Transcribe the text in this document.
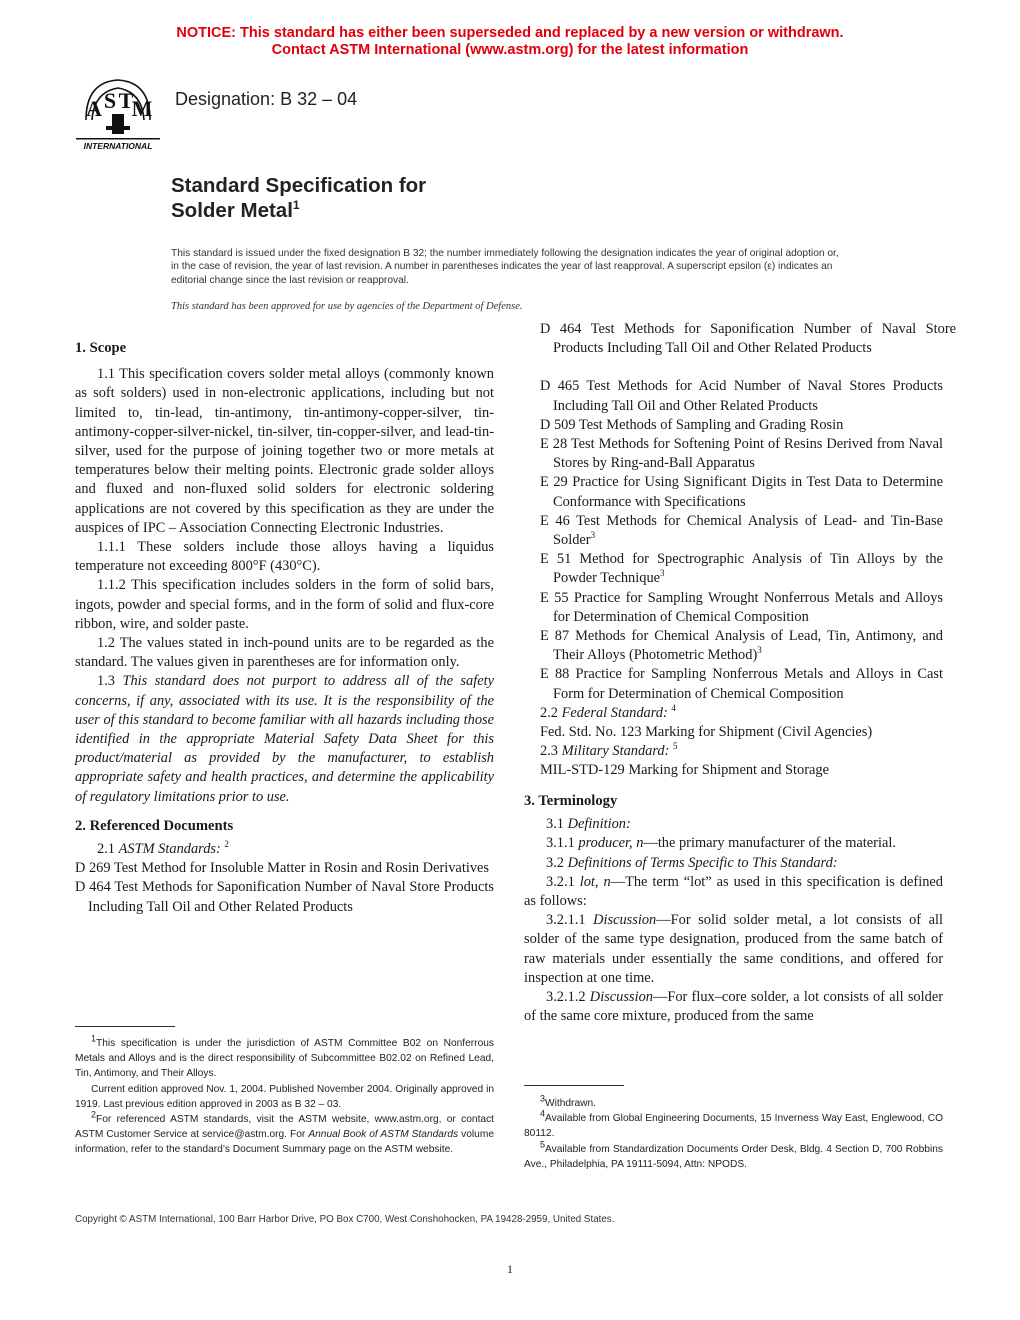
NOTICE: This standard has either been superseded and replaced by a new version or withdrawn.
Contact ASTM International (www.astm.org) for the latest information
A S T
M
INTERNATIONAL
Designation: B 32 – 04
Standard Specification for
Solder Metal$^1$
This standard is issued under the fixed designation B 32; the number immediately following the designation indicates the year of original adoption or, in the case of revision, the year of last revision. A number in parentheses indicates the year of last reapproval. A superscript epsilon (ε) indicates an editorial change since the last revision or reapproval.
This standard has been approved for use by agencies of the Department of Defense.

1. Scope

1.1 This specification covers solder metal alloys (commonly known as soft solders) used in non-electronic applications, including but not limited to, tin-lead, tin-antimony, tin-antimony-copper-silver, tin-antimony-copper-silver-nickel, tin-silver, tin-copper-silver, and lead-tin-silver, used for the purpose of joining together two or more metals at temperatures below their melting points. Electronic grade solder alloys and fluxed and non-fluxed solid solders for electronic soldering applications are not covered by this specification as they are under the auspices of IPC – Association Connecting Electronic Industries.

1.1.1 These solders include those alloys having a liquidus temperature not exceeding 800°F (430°C).

1.1.2 This specification includes solders in the form of solid bars, ingots, powder and special forms, and in the form of solid and flux-core ribbon, wire, and solder paste.

1.2 The values stated in inch-pound units are to be regarded as the standard. The values given in parentheses are for information only.

1.3 This standard does not purport to address all of the safety concerns, if any, associated with its use. It is the responsibility of the user of this standard to become familiar with all hazards including those identified in the appropriate Material Safety Data Sheet for this product/material as provided by the manufacturer, to establish appropriate safety and health practices, and determine the applicability of regulatory limitations prior to use.

2. Referenced Documents

2.1 ASTM Standards: $^2$

D 269 Test Method for Insoluble Matter in Rosin and Rosin Derivatives

D 464 Test Methods for Saponification Number of Naval Store Products Including Tall Oil and Other Related Products

D 464 Test Methods for Saponification Number of Naval Store Products Including Tall Oil and Other Related Products

D 465 Test Methods for Acid Number of Naval Stores Products Including Tall Oil and Other Related Products

D 509 Test Methods of Sampling and Grading Rosin

E 28 Test Methods for Softening Point of Resins Derived from Naval Stores by Ring-and-Ball Apparatus

E 29 Practice for Using Significant Digits in Test Data to Determine Conformance with Specifications

E 46 Test Methods for Chemical Analysis of Lead- and Tin-Base Solder$^3$

E 51 Method for Spectrographic Analysis of Tin Alloys by the Powder Technique$^3$

E 55 Practice for Sampling Wrought Nonferrous Metals and Alloys for Determination of Chemical Composition

E 87 Methods for Chemical Analysis of Lead, Tin, Antimony, and Their Alloys (Photometric Method)$^3$

E 88 Practice for Sampling Nonferrous Metals and Alloys in Cast Form for Determination of Chemical Composition

2.2 Federal Standard: $^4$

Fed. Std. No. 123 Marking for Shipment (Civil Agencies)

2.3 Military Standard: $^5$

MIL-STD-129 Marking for Shipment and Storage

3. Terminology

3.1 Definition:

3.1.1 producer, n—the primary manufacturer of the material.

3.2 Definitions of Terms Specific to This Standard:

3.2.1 lot, n—The term “lot” as used in this specification is defined as follows:

3.2.1.1 Discussion—For solid solder metal, a lot consists of all solder of the same type designation, produced from the same batch of raw materials under essentially the same conditions, and offered for inspection at one time.

3.2.1.2 Discussion—For flux–core solder, a lot consists of all solder of the same core mixture, produced from the same

$^1$This specification is under the jurisdiction of ASTM Committee B02 on Nonferrous Metals and Alloys and is the direct responsibility of Subcommittee B02.02 on Refined Lead, Tin, Antimony, and Their Alloys.

Current edition approved Nov. 1, 2004. Published November 2004. Originally approved in 1919. Last previous edition approved in 2003 as B 32 – 03.

$^2$For referenced ASTM standards, visit the ASTM website, www.astm.org, or contact ASTM Customer Service at service@astm.org. For Annual Book of ASTM Standards volume information, refer to the standard’s Document Summary page on the ASTM website.

$^3$Withdrawn.

$^4$Available from Global Engineering Documents, 15 Inverness Way East, Englewood, CO 80112.

$^5$Available from Standardization Documents Order Desk, Bldg. 4 Section D, 700 Robbins Ave., Philadelphia, PA 19111-5094, Attn: NPODS.

Copyright © ASTM International, 100 Barr Harbor Drive, PO Box C700, West Conshohocken, PA 19428-2959, United States.
1
